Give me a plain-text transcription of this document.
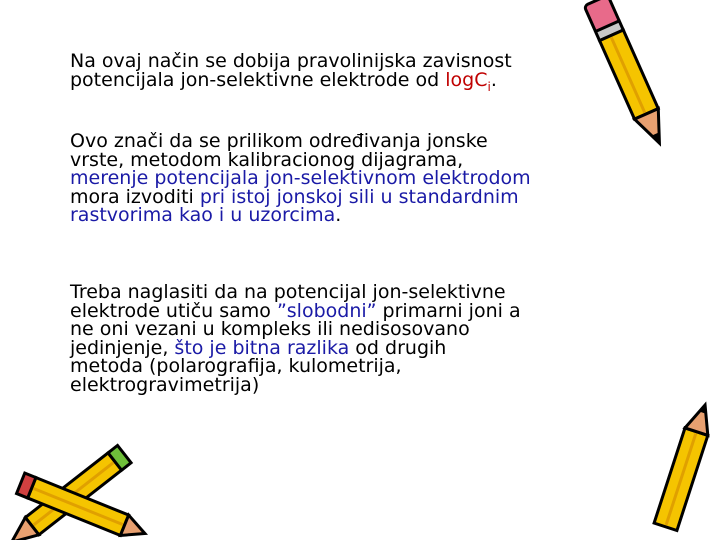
Na ovaj način se dobija pravolinijska zavisnost
potencijala jon-selektivne elektrode od logC$_i$.
Ovo znači da se prilikom određivanja jonske
vrste, metodom kalibracionog dijagrama,
merenje potencijala jon-selektivnom elektrodom
mora izvoditi pri istoj jonskoj sili u standardnim
rastvorima kao i u uzorcima.
Treba naglasiti da na potencijal jon-selektivne
elektrode utiču samo ”slobodni” primarni joni a
ne oni vezani u kompleks ili nedisosovano
jedinjenje, što je bitna razlika od drugih
metoda (polarografija, kulometrija,
elektrogravimetrija)
